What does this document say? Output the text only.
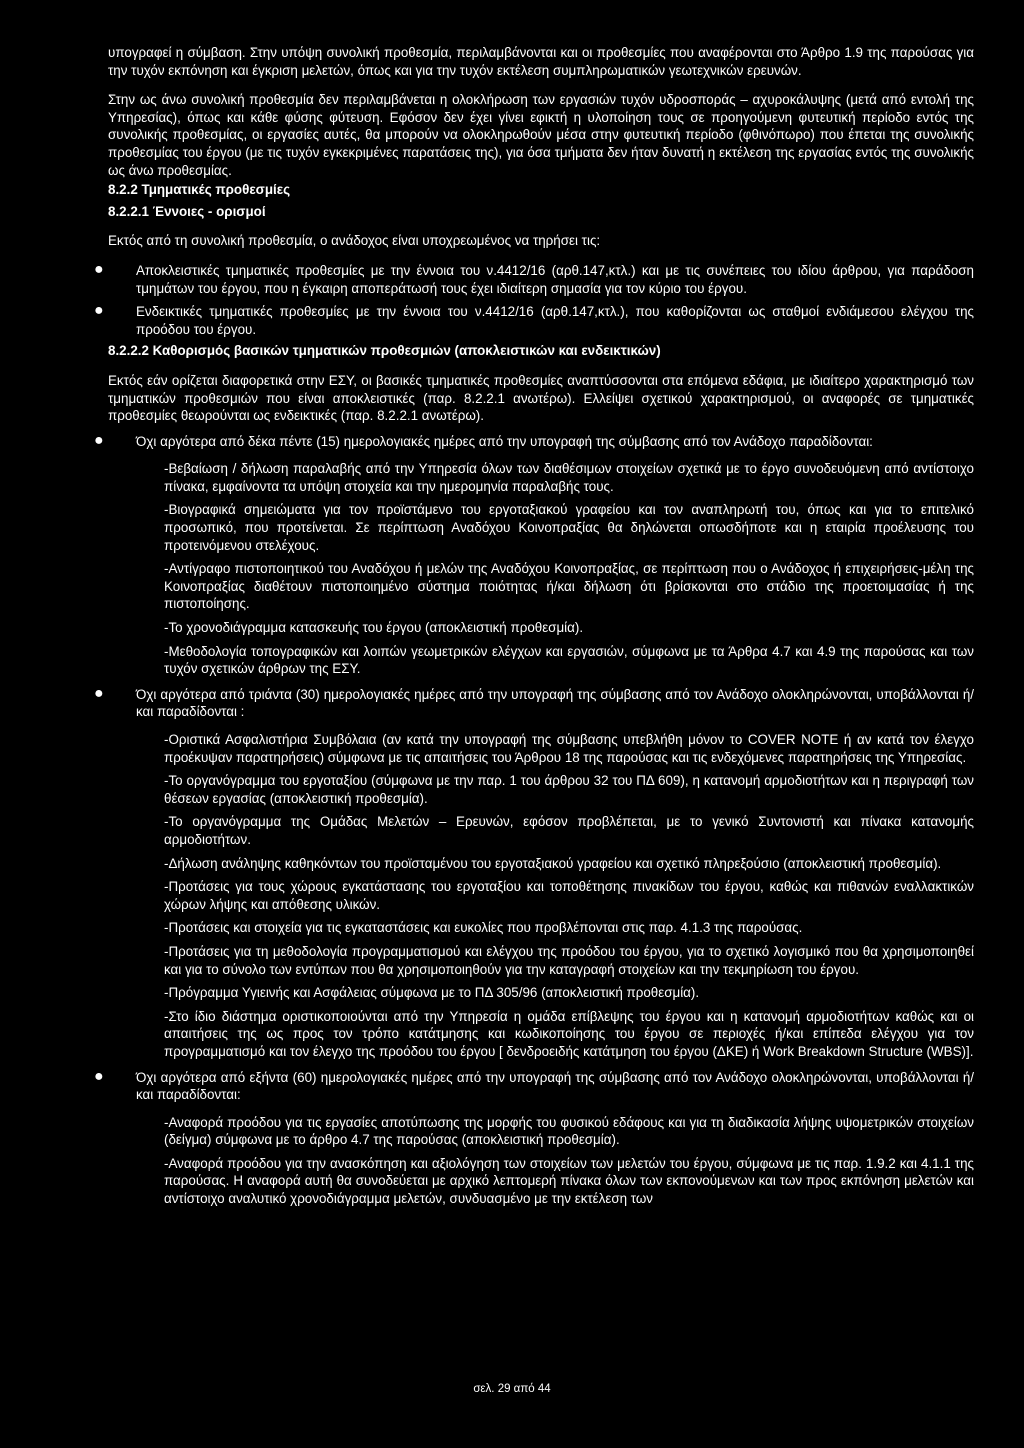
υπογραφεί η σύμβαση. Στην υπόψη συνολική προθεσμία, περιλαμβάνονται και οι προθεσμίες που αναφέρονται στο Άρθρο 1.9 της παρούσας για την τυχόν εκπόνηση και έγκριση μελετών, όπως και για την τυχόν εκτέλεση συμπληρωματικών γεωτεχνικών ερευνών.

Στην ως άνω συνολική προθεσμία δεν περιλαμβάνεται η ολοκλήρωση των εργασιών τυχόν υδροσποράς – αχυροκάλυψης (μετά από εντολή της Υπηρεσίας), όπως και κάθε φύσης φύτευση. Εφόσον δεν έχει γίνει εφικτή η υλοποίηση τους σε προηγούμενη φυτευτική περίοδο εντός της συνολικής προθεσμίας, οι εργασίες αυτές, θα μπορούν να ολοκληρωθούν μέσα στην φυτευτική περίοδο (φθινόπωρο) που έπεται της συνολικής προθεσμίας του έργου (με τις τυχόν εγκεκριμένες παρατάσεις της), για όσα τμήματα δεν ήταν δυνατή η εκτέλεση της εργασίας εντός της συνολικής ως άνω προθεσμίας.

8.2.2 Τμηματικές προθεσμίες

8.2.2.1 Έννοιες - ορισμοί

Εκτός από τη συνολική προθεσμία, ο ανάδοχος είναι υποχρεωμένος να τηρήσει τις:

● Αποκλειστικές τμηματικές προθεσμίες με την έννοια του ν.4412/16 (αρθ.147,κτλ.) και με τις συνέπειες του ιδίου άρθρου, για παράδοση τμημάτων του έργου, που η έγκαιρη αποπεράτωσή τους έχει ιδιαίτερη σημασία για τον κύριο του έργου.

● Ενδεικτικές τμηματικές προθεσμίες με την έννοια του ν.4412/16 (αρθ.147,κτλ.), που καθορίζονται ως σταθμοί ενδιάμεσου ελέγχου της προόδου του έργου.

8.2.2.2 Καθορισμός βασικών τμηματικών προθεσμιών (αποκλειστικών και ενδεικτικών)

Εκτός εάν ορίζεται διαφορετικά στην ΕΣΥ, οι βασικές τμηματικές προθεσμίες αναπτύσσονται στα επόμενα εδάφια, με ιδιαίτερο χαρακτηρισμό των τμηματικών προθεσμιών που είναι αποκλειστικές (παρ. 8.2.2.1 ανωτέρω). Ελλείψει σχετικού χαρακτηρισμού, οι αναφορές σε τμηματικές προθεσμίες θεωρούνται ως ενδεικτικές (παρ. 8.2.2.1 ανωτέρω).

● Όχι αργότερα από δέκα πέντε (15) ημερολογιακές ημέρες από την υπογραφή της σύμβασης από τον Ανάδοχο παραδίδονται:

-Βεβαίωση / δήλωση παραλαβής από την Υπηρεσία όλων των διαθέσιμων στοιχείων σχετικά με το έργο συνοδευόμενη από αντίστοιχο πίνακα, εμφαίνοντα τα υπόψη στοιχεία και την ημερομηνία παραλαβής τους.

-Βιογραφικά σημειώματα για τον προϊστάμενο του εργοταξιακού γραφείου και τον αναπληρωτή του, όπως και για το επιτελικό προσωπικό, που προτείνεται. Σε περίπτωση Αναδόχου Κοινοπραξίας θα δηλώνεται οπωσδήποτε και η εταιρία προέλευσης του προτεινόμενου στελέχους.

-Αντίγραφο πιστοποιητικού του Αναδόχου ή μελών της Αναδόχου Κοινοπραξίας, σε περίπτωση που ο Ανάδοχος ή επιχειρήσεις-μέλη της Κοινοπραξίας διαθέτουν πιστοποιημένο σύστημα ποιότητας ή/και δήλωση ότι βρίσκονται στο στάδιο της προετοιμασίας ή της πιστοποίησης.

-Το χρονοδιάγραμμα κατασκευής του έργου (αποκλειστική προθεσμία).

-Μεθοδολογία τοπογραφικών και λοιπών γεωμετρικών ελέγχων και εργασιών, σύμφωνα με τα Άρθρα 4.7 και 4.9 της παρούσας και των τυχόν σχετικών άρθρων της ΕΣΥ.

● Όχι αργότερα από τριάντα (30) ημερολογιακές ημέρες από την υπογραφή της σύμβασης από τον Ανάδοχο ολοκληρώνονται, υποβάλλονται ή/και παραδίδονται :

-Οριστικά Ασφαλιστήρια Συμβόλαια (αν κατά την υπογραφή της σύμβασης υπεβλήθη μόνον το COVER NOTE ή αν κατά τον έλεγχο προέκυψαν παρατηρήσεις) σύμφωνα με τις απαιτήσεις του Άρθρου 18 της παρούσας και τις ενδεχόμενες παρατηρήσεις της Υπηρεσίας.

-Το οργανόγραμμα του εργοταξίου (σύμφωνα με την παρ. 1 του άρθρου 32 του ΠΔ 609), η κατανομή αρμοδιοτήτων και η περιγραφή των θέσεων εργασίας (αποκλειστική προθεσμία).

-Το οργανόγραμμα της Ομάδας Μελετών – Ερευνών, εφόσον προβλέπεται, με το γενικό Συντονιστή και πίνακα κατανομής αρμοδιοτήτων.

-Δήλωση ανάληψης καθηκόντων του προϊσταμένου του εργοταξιακού γραφείου και σχετικό πληρεξούσιο (αποκλειστική προθεσμία).

-Προτάσεις για τους χώρους εγκατάστασης του εργοταξίου και τοποθέτησης πινακίδων του έργου, καθώς και πιθανών εναλλακτικών χώρων λήψης και απόθεσης υλικών.

-Προτάσεις και στοιχεία για τις εγκαταστάσεις και ευκολίες που προβλέπονται στις παρ. 4.1.3 της παρούσας.

-Προτάσεις για τη μεθοδολογία προγραμματισμού και ελέγχου της προόδου του έργου, για το σχετικό λογισμικό που θα χρησιμοποιηθεί και για το σύνολο των εντύπων που θα χρησιμοποιηθούν για την καταγραφή στοιχείων και την τεκμηρίωση του έργου.

-Πρόγραμμα Υγιεινής και Ασφάλειας σύμφωνα με το ΠΔ 305/96 (αποκλειστική προθεσμία).

-Στο ίδιο διάστημα οριστικοποιούνται από την Υπηρεσία η ομάδα επίβλεψης του έργου και η κατανομή αρμοδιοτήτων καθώς και οι απαιτήσεις της ως προς τον τρόπο κατάτμησης και κωδικοποίησης του έργου σε περιοχές ή/και επίπεδα ελέγχου για τον προγραμματισμό και τον έλεγχο της προόδου του έργου [ δενδροειδής κατάτμηση του έργου (ΔΚΕ) ή Work Breakdown Structure (WBS)].

● Όχι αργότερα από εξήντα (60) ημερολογιακές ημέρες από την υπογραφή της σύμβασης από τον Ανάδοχο ολοκληρώνονται, υποβάλλονται ή/και παραδίδονται:

-Αναφορά προόδου για τις εργασίες αποτύπωσης της μορφής του φυσικού εδάφους και για τη διαδικασία λήψης υψομετρικών στοιχείων (δείγμα) σύμφωνα με το άρθρο 4.7 της παρούσας (αποκλειστική προθεσμία).

-Αναφορά προόδου για την ανασκόπηση και αξιολόγηση των στοιχείων των μελετών του έργου, σύμφωνα με τις παρ. 1.9.2 και 4.1.1 της παρούσας. Η αναφορά αυτή θα συνοδεύεται με αρχικό λεπτομερή πίνακα όλων των εκπονούμενων και των προς εκπόνηση μελετών και αντίστοιχο αναλυτικό χρονοδιάγραμμα μελετών, συνδυασμένο με την εκτέλεση των

σελ. 29 από 44
